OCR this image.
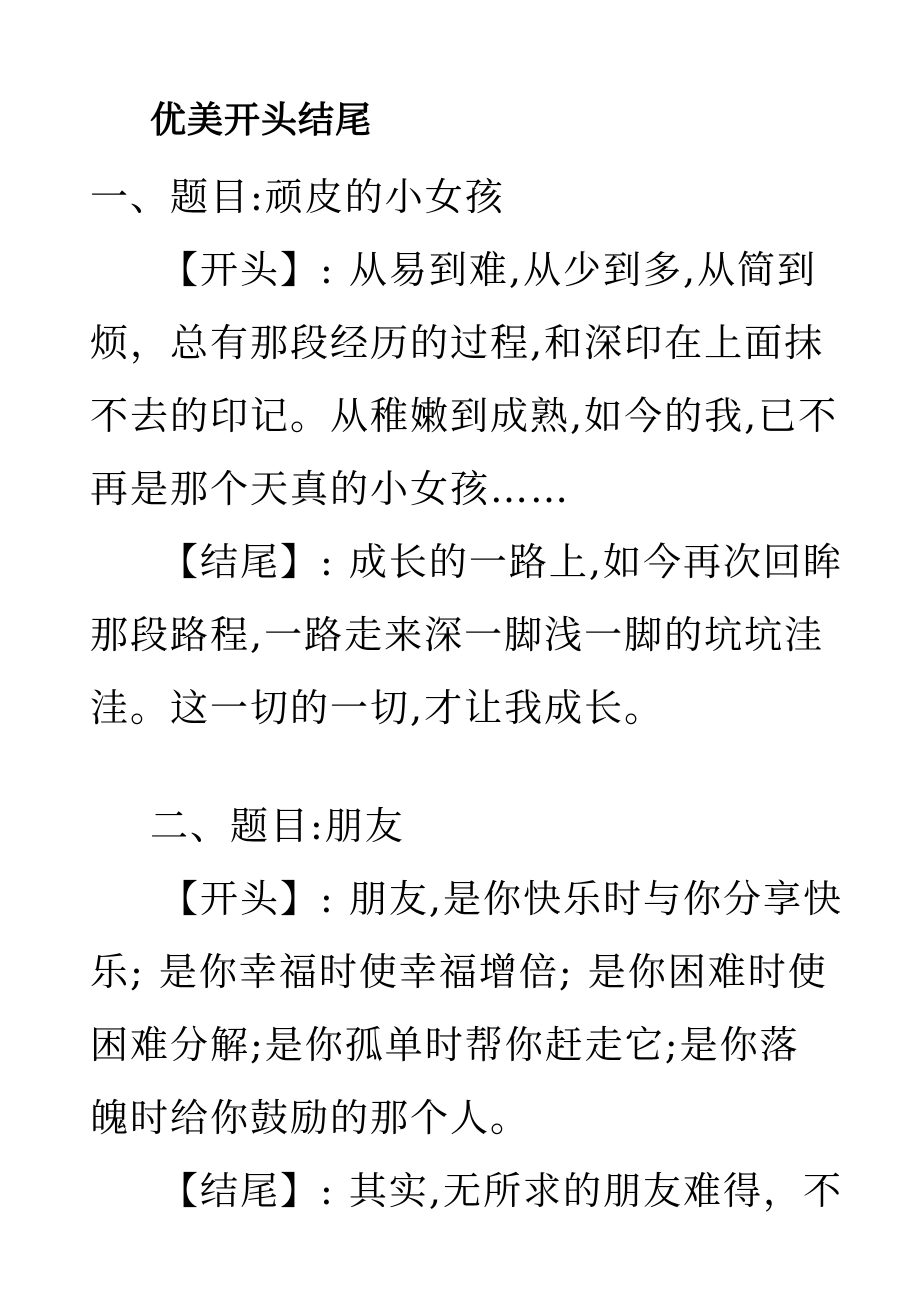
优美开头结尾
一、题目:顽皮的小女孩
【开头】: 从易到难,从少到多,从简到
烦，总有那段经历的过程,和深印在上面抹
不去的印记。从稚嫩到成熟,如今的我,已不
再是那个天真的小女孩……
【结尾】: 成长的一路上,如今再次回眸
那段路程,一路走来深一脚浅一脚的坑坑洼
洼。这一切的一切,才让我成长。
二、题目:朋友
【开头】: 朋友,是你快乐时与你分享快
乐; 是你幸福时使幸福增倍; 是你困难时使
困难分解;是你孤单时帮你赶走它;是你落
魄时给你鼓励的那个人。
【结尾】: 其实,无所求的朋友难得，不
